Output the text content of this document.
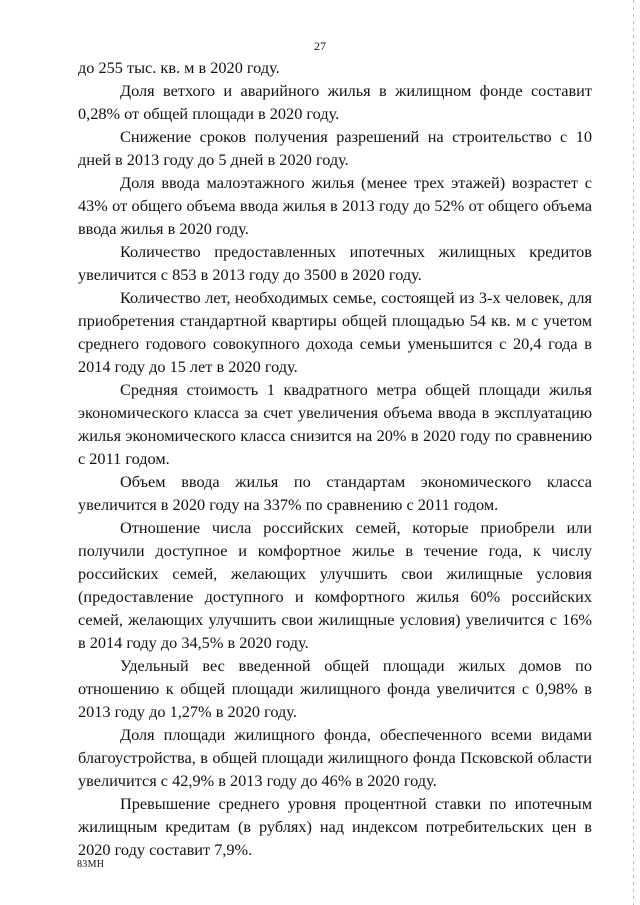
27

до 255 тыс. кв. м в 2020 году.

Доля ветхого и аварийного жилья в жилищном фонде составит 0,28% от общей площади в 2020 году.

Снижение сроков получения разрешений на строительство с 10 дней в 2013 году до 5 дней в 2020 году.

Доля ввода малоэтажного жилья (менее трех этажей) возрастет с 43% от общего объема ввода жилья в 2013 году до 52% от общего объема ввода жилья в 2020 году.

Количество предоставленных ипотечных жилищных кредитов увеличится с 853 в 2013 году до 3500 в 2020 году.

Количество лет, необходимых семье, состоящей из 3-х человек, для приобретения стандартной квартиры общей площадью 54 кв. м с учетом среднего годового совокупного дохода семьи уменьшится с 20,4 года в 2014 году до 15 лет в 2020 году.

Средняя стоимость 1 квадратного метра общей площади жилья экономического класса за счет увеличения объема ввода в эксплуатацию жилья экономического класса снизится на 20% в 2020 году по сравнению с 2011 годом.

Объем ввода жилья по стандартам экономического класса увеличится в 2020 году на 337% по сравнению с 2011 годом.

Отношение числа российских семей, которые приобрели или получили доступное и комфортное жилье в течение года, к числу российских семей, желающих улучшить свои жилищные условия (предоставление доступного и комфортного жилья 60% российских семей, желающих улучшить свои жилищные условия) увеличится с 16% в 2014 году до 34,5% в 2020 году.

Удельный вес введенной общей площади жилых домов по отношению к общей площади жилищного фонда увеличится с 0,98% в 2013 году до 1,27% в 2020 году.

Доля площади жилищного фонда, обеспеченного всеми видами благоустройства, в общей площади жилищного фонда Псковской области увеличится с 42,9% в 2013 году до 46% в 2020 году.

Превышение среднего уровня процентной ставки по ипотечным жилищным кредитам (в рублях) над индексом потребительских цен в 2020 году составит 7,9%.

83МН
